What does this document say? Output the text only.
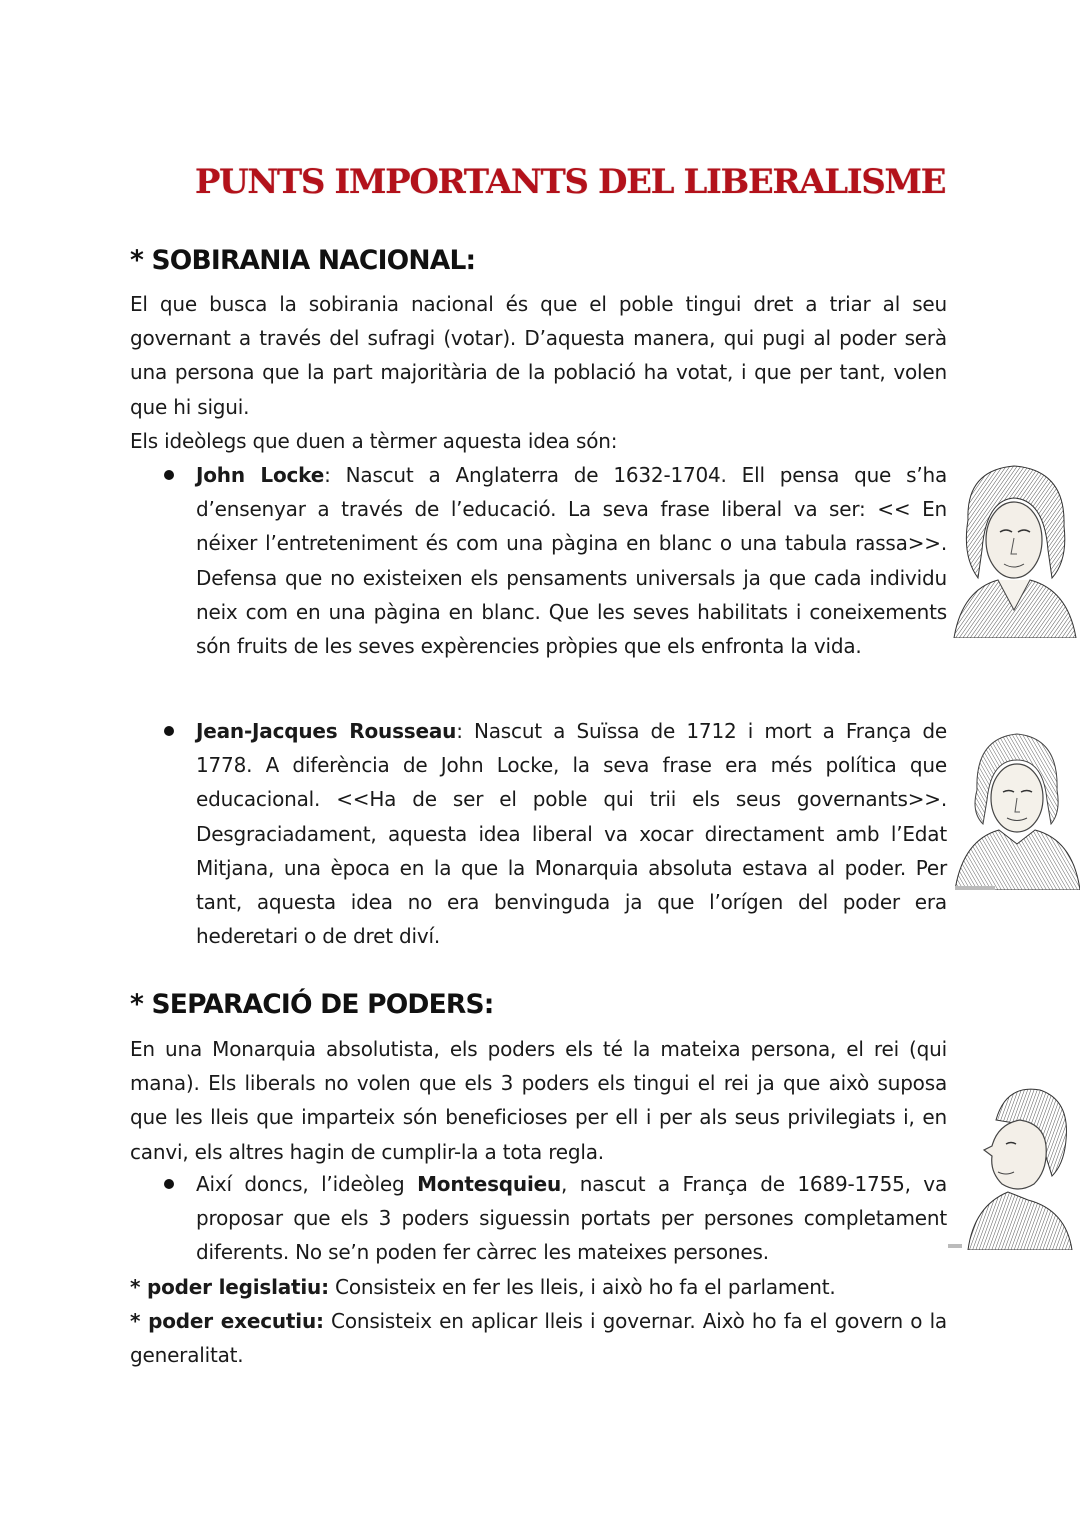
PUNTS IMPORTANTS DEL LIBERALISME
* SOBIRANIA NACIONAL:
El que busca la sobirania nacional és que el poble tingui dret a triar al seu governant a través del sufragi (votar). D’aquesta manera, qui pugi al poder serà una persona que la part majoritària de la població ha votat, i que per tant, volen que hi sigui.
Els ideòlegs que duen a tèrmer aquesta idea són:
John Locke: Nascut a Anglaterra de 1632-1704. Ell pensa que s’ha d’ensenyar a través de l’educació. La seva frase liberal va ser: << En néixer l’entreteniment és com una pàgina en blanc o una tabula rassa>>. Defensa que no existeixen els pensaments universals ja que cada individu neix com en una pàgina en blanc. Que les seves habilitats i coneixements són fruits de les seves expèrencies pròpies que els enfronta la vida.
Jean-Jacques Rousseau: Nascut a Suïssa de 1712 i mort a França de 1778. A diferència de John Locke, la seva frase era més política que educacional. <<Ha de ser el poble qui trii els seus governants>>. Desgraciadament, aquesta idea liberal va xocar directament amb l’Edat Mitjana, una època en la que la Monarquia absoluta estava al poder. Per tant, aquesta idea no era benvinguda ja que l’orígen del poder era hederetari o de dret diví.
* SEPARACIÓ DE PODERS:
En una Monarquia absolutista, els poders els té la mateixa persona, el rei (qui mana). Els liberals no volen que els 3 poders els tingui el rei ja que això suposa que les lleis que imparteix són beneficioses per ell i per als seus privilegiats i, en canvi, els altres hagin de cumplir-la a tota regla.
Així doncs, l’ideòleg Montesquieu, nascut a França de 1689-1755, va proposar que els 3 poders siguessin portats per persones completament diferents. No se’n poden fer càrrec les mateixes persones.
* poder legislatiu: Consisteix en fer les lleis, i això ho fa el parlament.
* poder executiu: Consisteix en aplicar lleis i governar. Això ho fa el govern o la generalitat.
